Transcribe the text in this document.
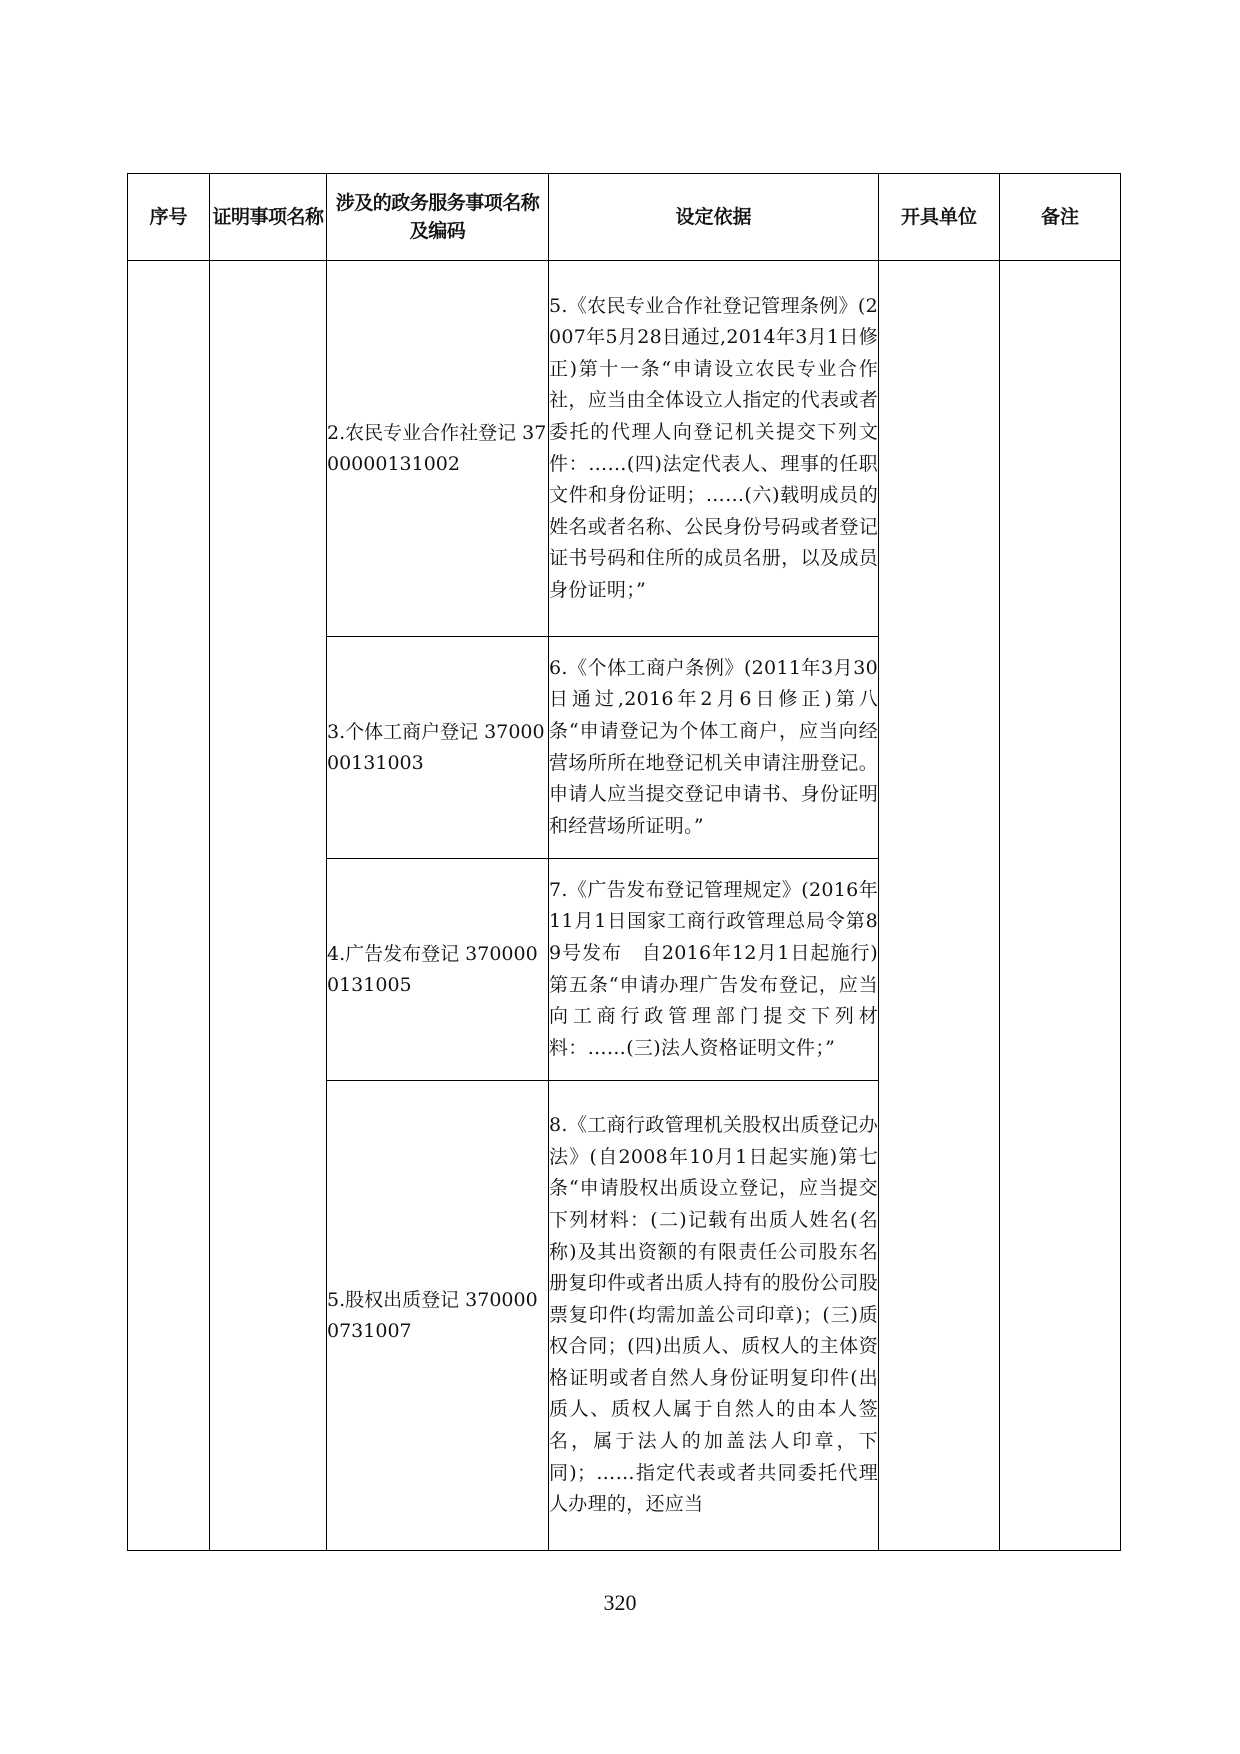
序号	证明事项名称	涉及的政务服务事项名称及编码	设定依据	开具单位	备注
		2.农民专业合作社登记 3700000131002	5.《农民专业合作社登记管理条例》(2007年5月28日通过,2014年3月1日修正)第十一条“申请设立农民专业合作社，应当由全体设立人指定的代表或者委托的代理人向登记机关提交下列文件：……(四)法定代表人、理事的任职文件和身份证明；……(六)载明成员的姓名或者名称、公民身份号码或者登记证书号码和住所的成员名册，以及成员身份证明；”		
		3.个体工商户登记 3700000131003	6.《个体工商户条例》(2011年3月30日通过,2016年2月6日修正)第八条“申请登记为个体工商户，应当向经营场所所在地登记机关申请注册登记。申请人应当提交登记申请书、身份证明和经营场所证明。”		
		4.广告发布登记 3700000131005	7.《广告发布登记管理规定》(2016年11月1日国家工商行政管理总局令第89号发布　自2016年12月1日起施行)第五条“申请办理广告发布登记，应当向工商行政管理部门提交下列材料：……(三)法人资格证明文件；”		
		5.股权出质登记 3700000731007	8.《工商行政管理机关股权出质登记办法》(自2008年10月1日起实施)第七条“申请股权出质设立登记，应当提交下列材料：(二)记载有出质人姓名(名称)及其出资额的有限责任公司股东名册复印件或者出质人持有的股份公司股票复印件(均需加盖公司印章)；(三)质权合同；(四)出质人、质权人的主体资格证明或者自然人身份证明复印件(出质人、质权人属于自然人的由本人签名，属于法人的加盖法人印章，下同)；……指定代表或者共同委托代理人办理的，还应当		
320
